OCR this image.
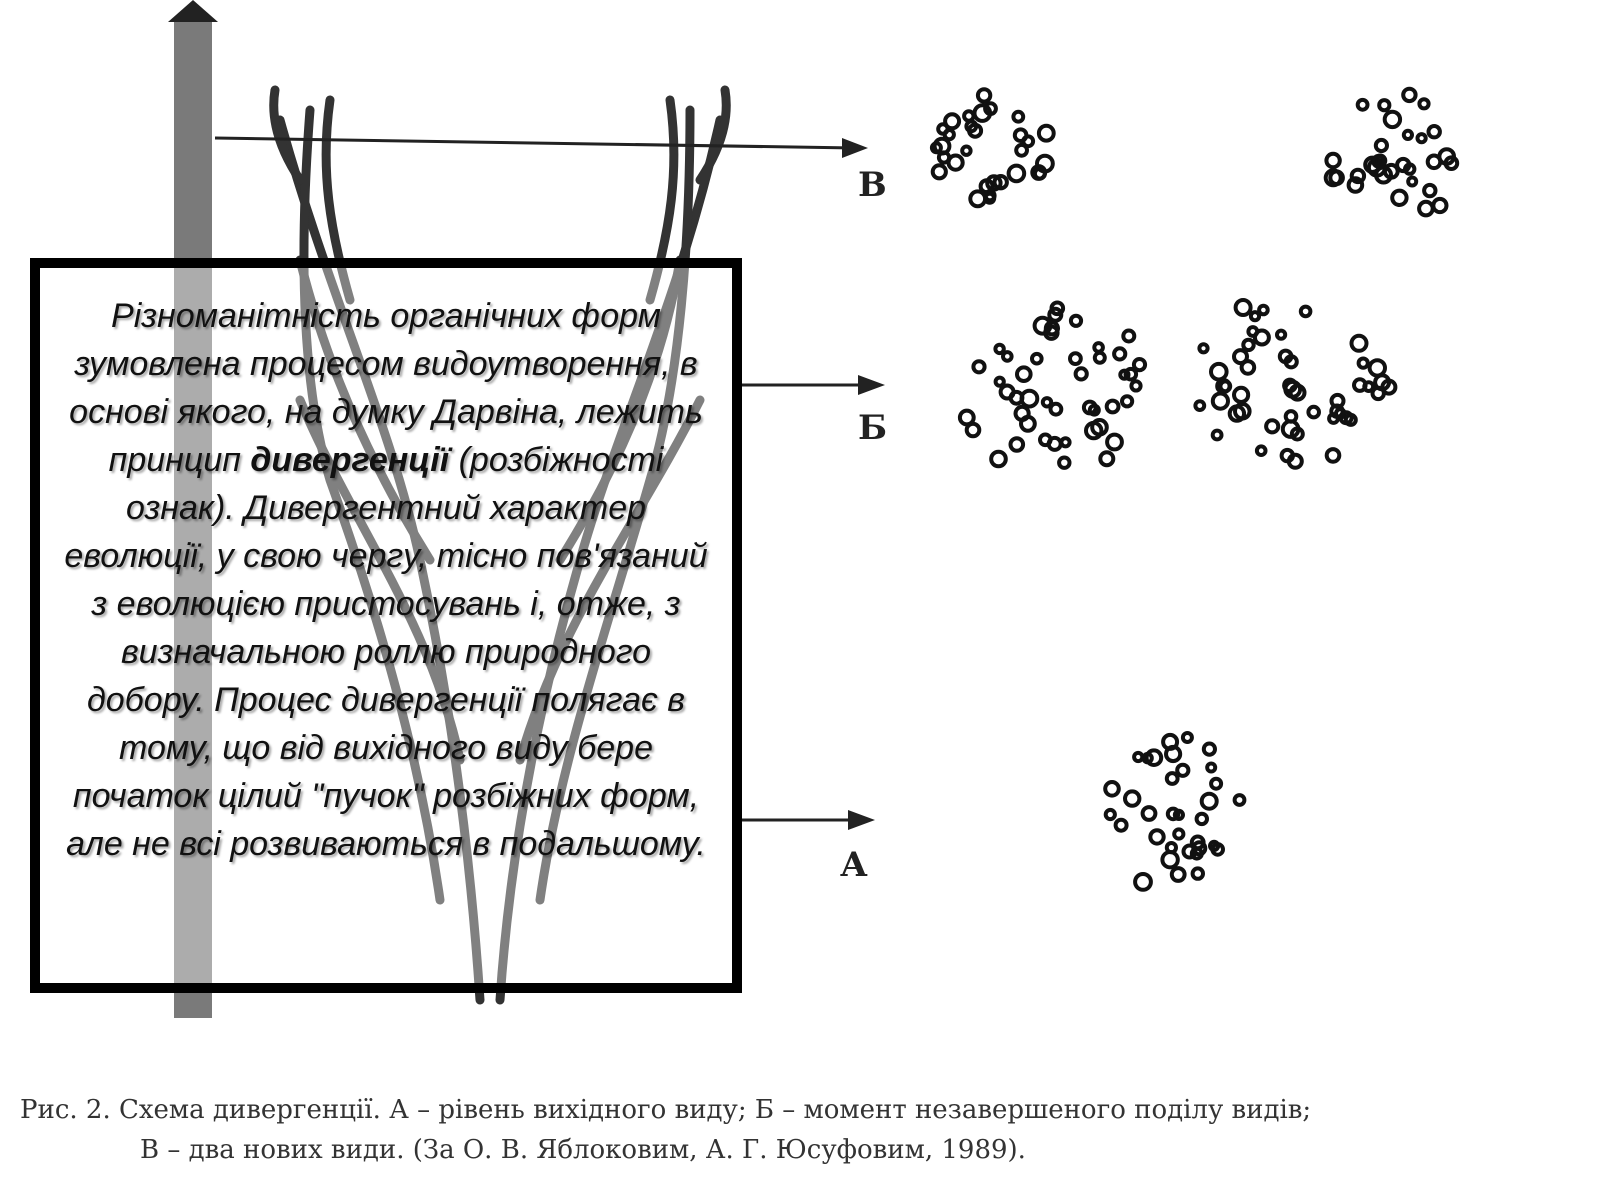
В
Б
А

Різноманітність органічних форм зумовлена процесом видоутворення, в основі якого, на думку Дарвіна, лежить принцип дивергенції (розбіжності ознак). Дивергентний характер еволюції, у свою чергу, тісно пов'язаний з еволюцією пристосувань і, отже, з визначальною роллю природного добору. Процес дивергенції полягає в тому, що від вихідного виду бере початок цілий "пучок" розбіжних форм, але не всі розвиваються в подальшому.

Рис. 2. Схема дивергенції. А – рівень вихідного виду; Б – момент незавершеного поділу видів;
В – два нових види. (За О. В. Яблоковим, А. Г. Юсуфовим, 1989).
